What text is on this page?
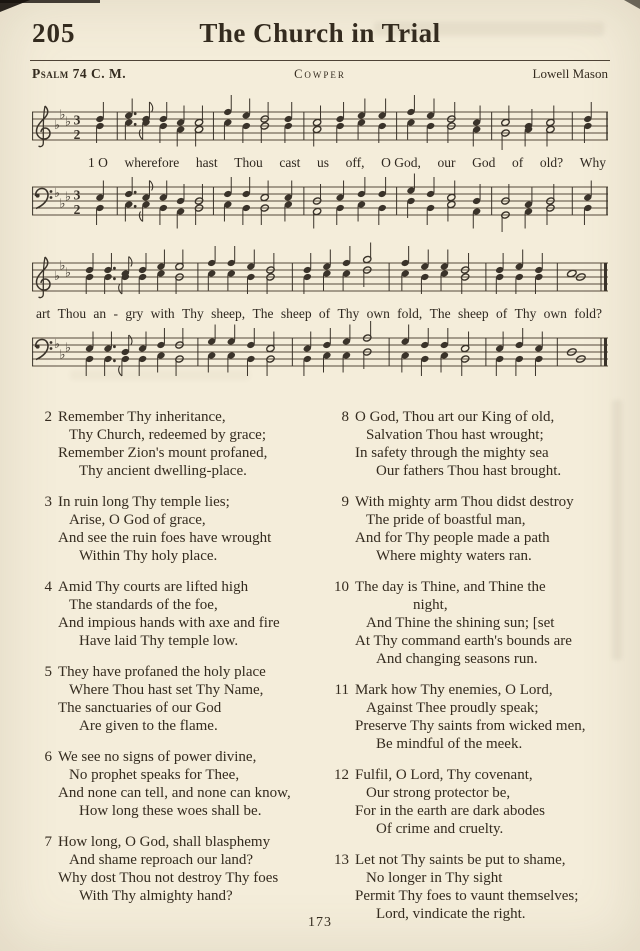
205	The Church in Trial
Psalm 74 C. M.	Cowper	Lowell Mason
♭
♭ ♭ 3
2
1 O wherefore hast Thou cast us off, O God, our God of old? Why
♭
♭ ♭ 3
2
♭
♭ ♭
art Thou an - gry with Thy sheep, The sheep of Thy own fold, The sheep of Thy own fold?
♭
♭ ♭
2 Remember Thy inheritance,
Thy Church, redeemed by grace;
Remember Zion's mount profaned,
Thy ancient dwelling-place.
3 In ruin long Thy temple lies;
Arise, O God of grace,
And see the ruin foes have wrought
Within Thy holy place.
4 Amid Thy courts are lifted high
The standards of the foe,
And impious hands with axe and fire
Have laid Thy temple low.
5 They have profaned the holy place
Where Thou hast set Thy Name,
The sanctuaries of our God
Are given to the flame.
6 We see no signs of power divine,
No prophet speaks for Thee,
And none can tell, and none can know,
How long these woes shall be.
7 How long, O God, shall blasphemy
And shame reproach our land?
Why dost Thou not destroy Thy foes
With Thy almighty hand?
8 O God, Thou art our King of old,
Salvation Thou hast wrought;
In safety through the mighty sea
Our fathers Thou hast brought.
9 With mighty arm Thou didst destroy
The pride of boastful man,
And for Thy people made a path
Where mighty waters ran.
10 The day is Thine, and Thine the
night,
And Thine the shining sun; [set
At Thy command earth's bounds are
And changing seasons run.
11 Mark how Thy enemies, O Lord,
Against Thee proudly speak;
Preserve Thy saints from wicked men,
Be mindful of the meek.
12 Fulfil, O Lord, Thy covenant,
Our strong protector be,
For in the earth are dark abodes
Of crime and cruelty.
13 Let not Thy saints be put to shame,
No longer in Thy sight
Permit Thy foes to vaunt themselves;
Lord, vindicate the right.
173
